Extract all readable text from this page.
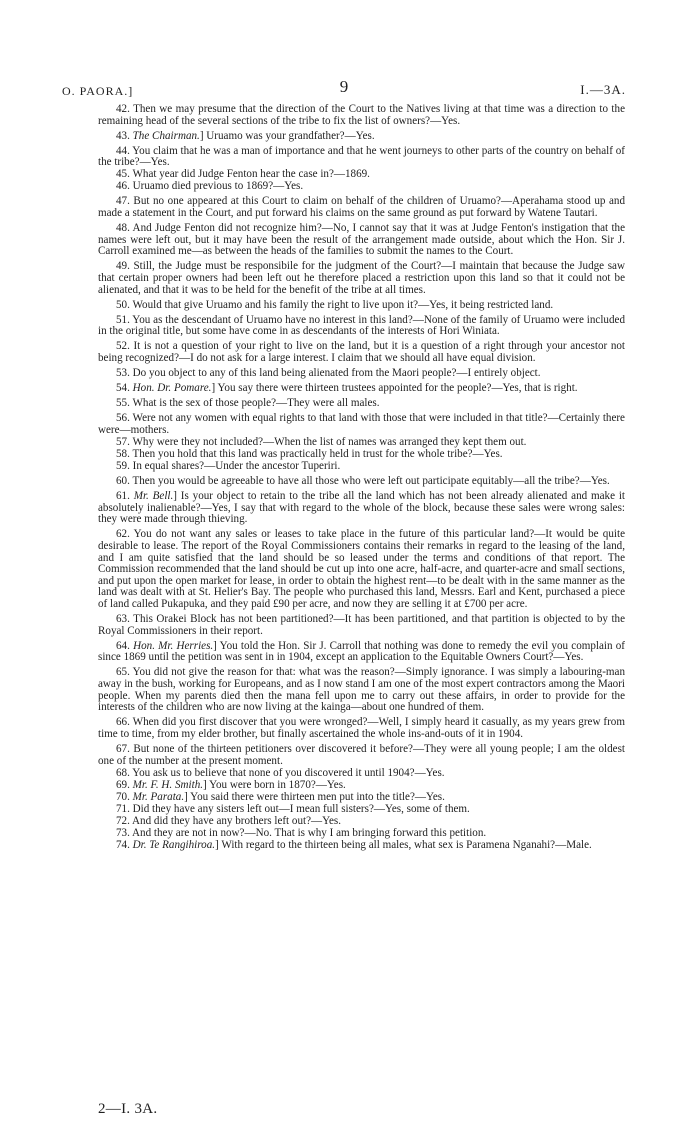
O. PAORA.]	9	I.—3A.

42. Then we may presume that the direction of the Court to the Natives living at that time was a direction to the remaining head of the several sections of the tribe to fix the list of owners?—Yes.

43. The Chairman.] Uruamo was your grandfather?—Yes.

44. You claim that he was a man of importance and that he went journeys to other parts of the country on behalf of the tribe?—Yes.

45. What year did Judge Fenton hear the case in?—1869.

46. Uruamo died previous to 1869?—Yes.

47. But no one appeared at this Court to claim on behalf of the children of Uruamo?—Aperahama stood up and made a statement in the Court, and put forward his claims on the same ground as put forward by Watene Tautari.

48. And Judge Fenton did not recognize him?—No, I cannot say that it was at Judge Fenton's instigation that the names were left out, but it may have been the result of the arrangement made outside, about which the Hon. Sir J. Carroll examined me—as between the heads of the families to submit the names to the Court.

49. Still, the Judge must be responsibile for the judgment of the Court?—I maintain that because the Judge saw that certain proper owners had been left out he therefore placed a restriction upon this land so that it could not be alienated, and that it was to be held for the benefit of the tribe at all times.

50. Would that give Uruamo and his family the right to live upon it?—Yes, it being restricted land.

51. You as the descendant of Uruamo have no interest in this land?—None of the family of Uruamo were included in the original title, but some have come in as descendants of the interests of Hori Winiata.

52. It is not a question of your right to live on the land, but it is a question of a right through your ancestor not being recognized?—I do not ask for a large interest. I claim that we should all have equal division.

53. Do you object to any of this land being alienated from the Maori people?—I entirely object.

54. Hon. Dr. Pomare.] You say there were thirteen trustees appointed for the people?—Yes, that is right.

55. What is the sex of those people?—They were all males.

56. Were not any women with equal rights to that land with those that were included in that title?—Certainly there were—mothers.

57. Why were they not included?—When the list of names was arranged they kept them out.

58. Then you hold that this land was practically held in trust for the whole tribe?—Yes.

59. In equal shares?—Under the ancestor Tuperiri.

60. Then you would be agreeable to have all those who were left out participate equitably—all the tribe?—Yes.

61. Mr. Bell.] Is your object to retain to the tribe all the land which has not been already alienated and make it absolutely inalienable?—Yes, I say that with regard to the whole of the block, because these sales were wrong sales: they were made through thieving.

62. You do not want any sales or leases to take place in the future of this particular land?—It would be quite desirable to lease. The report of the Royal Commissioners contains their remarks in regard to the leasing of the land, and I am quite satisfied that the land should be so leased under the terms and conditions of that report. The Commission recommended that the land should be cut up into one acre, half-acre, and quarter-acre and small sections, and put upon the open market for lease, in order to obtain the highest rent—to be dealt with in the same manner as the land was dealt with at St. Helier's Bay. The people who purchased this land, Messrs. Earl and Kent, purchased a piece of land called Pukapuka, and they paid £90 per acre, and now they are selling it at £700 per acre.

63. This Orakei Block has not been partitioned?—It has been partitioned, and that partition is objected to by the Royal Commissioners in their report.

64. Hon. Mr. Herries.] You told the Hon. Sir J. Carroll that nothing was done to remedy the evil you complain of since 1869 until the petition was sent in in 1904, except an application to the Equitable Owners Court?—Yes.

65. You did not give the reason for that: what was the reason?—Simply ignorance. I was simply a labouring-man away in the bush, working for Europeans, and as I now stand I am one of the most expert contractors among the Maori people. When my parents died then the mana fell upon me to carry out these affairs, in order to provide for the interests of the children who are now living at the kainga—about one hundred of them.

66. When did you first discover that you were wronged?—Well, I simply heard it casually, as my years grew from time to time, from my elder brother, but finally ascertained the whole ins-and-outs of it in 1904.

67. But none of the thirteen petitioners over discovered it before?—They were all young people; I am the oldest one of the number at the present moment.

68. You ask us to believe that none of you discovered it until 1904?—Yes.

69. Mr. F. H. Smith.] You were born in 1870?—Yes.

70. Mr. Parata.] You said there were thirteen men put into the title?—Yes.

71. Did they have any sisters left out—I mean full sisters?—Yes, some of them.

72. And did they have any brothers left out?—Yes.

73. And they are not in now?—No. That is why I am bringing forward this petition.

74. Dr. Te Rangihiroa.] With regard to the thirteen being all males, what sex is Paramena Nganahi?—Male.

2—I. 3A.
